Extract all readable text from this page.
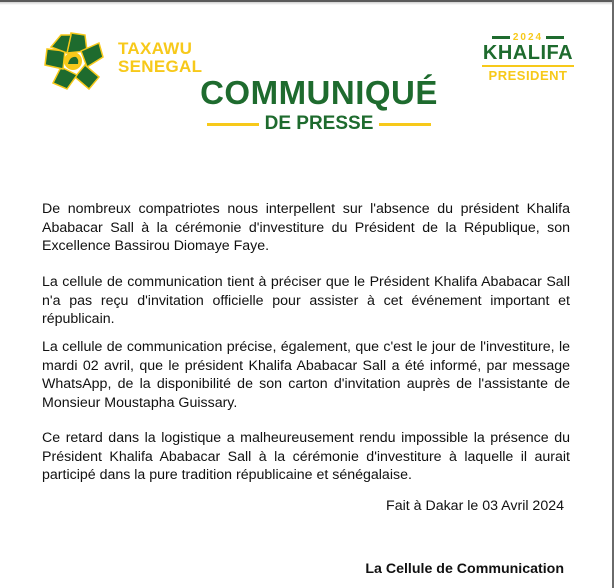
TAXAWU
SENEGAL
2024
KHALIFA
PRESIDENT
COMMUNIQUÉ
DE PRESSE

De nombreux compatriotes nous interpellent sur l'absence du président Khalifa Ababacar Sall à la cérémonie d'investiture du Président de la République, son Excellence Bassirou Diomaye Faye.

La cellule de communication tient à préciser que le Président Khalifa Ababacar Sall n'a pas reçu d'invitation officielle pour assister à cet événement important et républicain.

La cellule de communication précise, également, que c'est le jour de l'investiture, le mardi 02 avril, que le président Khalifa Ababacar Sall a été informé, par message WhatsApp, de la disponibilité de son carton d'invitation auprès de l'assistante de Monsieur Moustapha Guissary.

Ce retard dans la logistique a malheureusement rendu impossible la présence du Président Khalifa Ababacar Sall à la cérémonie d'investiture à laquelle il aurait participé dans la pure tradition républicaine et sénégalaise.

Fait à Dakar le 03 Avril 2024
La Cellule de Communication
